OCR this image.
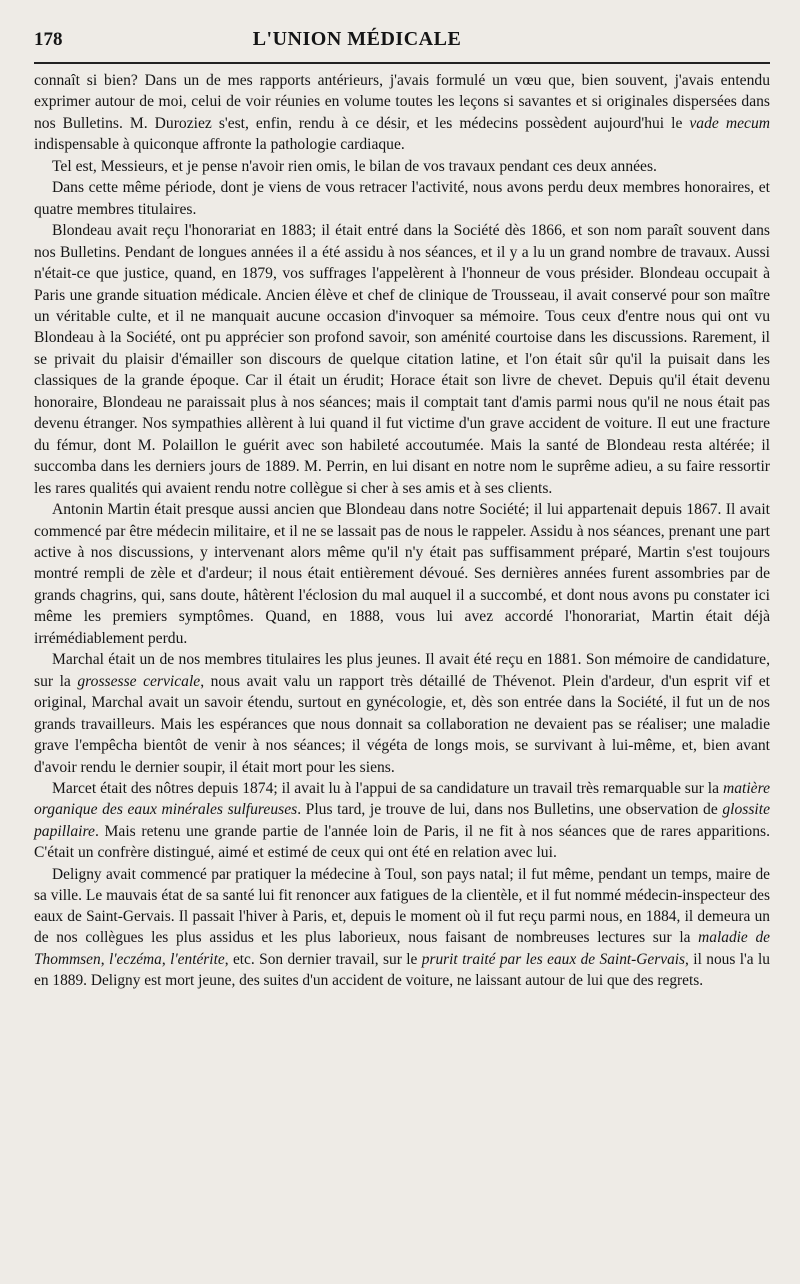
178	L'UNION MÉDICALE

connaît si bien? Dans un de mes rapports antérieurs, j'avais formulé un vœu que, bien souvent, j'avais entendu exprimer autour de moi, celui de voir réunies en volume toutes les leçons si savantes et si originales dispersées dans nos Bulletins. M. Duroziez s'est, enfin, rendu à ce désir, et les médecins possèdent aujourd'hui le vade mecum indispensable à quiconque affronte la pathologie cardiaque.

Tel est, Messieurs, et je pense n'avoir rien omis, le bilan de vos travaux pendant ces deux années.

Dans cette même période, dont je viens de vous retracer l'activité, nous avons perdu deux membres honoraires, et quatre membres titulaires.

Blondeau avait reçu l'honorariat en 1883; il était entré dans la Société dès 1866, et son nom paraît souvent dans nos Bulletins. Pendant de longues années il a été assidu à nos séances, et il y a lu un grand nombre de travaux. Aussi n'était-ce que justice, quand, en 1879, vos suffrages l'appelèrent à l'honneur de vous présider. Blondeau occupait à Paris une grande situation médicale. Ancien élève et chef de clinique de Trousseau, il avait conservé pour son maître un véritable culte, et il ne manquait aucune occasion d'invoquer sa mémoire. Tous ceux d'entre nous qui ont vu Blondeau à la Société, ont pu apprécier son profond savoir, son aménité courtoise dans les discussions. Rarement, il se privait du plaisir d'émailler son discours de quelque citation latine, et l'on était sûr qu'il la puisait dans les classiques de la grande époque. Car il était un érudit; Horace était son livre de chevet. Depuis qu'il était devenu honoraire, Blondeau ne paraissait plus à nos séances; mais il comptait tant d'amis parmi nous qu'il ne nous était pas devenu étranger. Nos sympathies allèrent à lui quand il fut victime d'un grave accident de voiture. Il eut une fracture du fémur, dont M. Polaillon le guérit avec son habileté accoutumée. Mais la santé de Blondeau resta altérée; il succomba dans les derniers jours de 1889. M. Perrin, en lui disant en notre nom le suprême adieu, a su faire ressortir les rares qualités qui avaient rendu notre collègue si cher à ses amis et à ses clients.

Antonin Martin était presque aussi ancien que Blondeau dans notre Société; il lui appartenait depuis 1867. Il avait commencé par être médecin militaire, et il ne se lassait pas de nous le rappeler. Assidu à nos séances, prenant une part active à nos discussions, y intervenant alors même qu'il n'y était pas suffisamment préparé, Martin s'est toujours montré rempli de zèle et d'ardeur; il nous était entièrement dévoué. Ses dernières années furent assombries par de grands chagrins, qui, sans doute, hâtèrent l'éclosion du mal auquel il a succombé, et dont nous avons pu constater ici même les premiers symptômes. Quand, en 1888, vous lui avez accordé l'honorariat, Martin était déjà irrémédiablement perdu.

Marchal était un de nos membres titulaires les plus jeunes. Il avait été reçu en 1881. Son mémoire de candidature, sur la grossesse cervicale, nous avait valu un rapport très détaillé de Thévenot. Plein d'ardeur, d'un esprit vif et original, Marchal avait un savoir étendu, surtout en gynécologie, et, dès son entrée dans la Société, il fut un de nos grands travailleurs. Mais les espérances que nous donnait sa collaboration ne devaient pas se réaliser; une maladie grave l'empêcha bientôt de venir à nos séances; il végéta de longs mois, se survivant à lui-même, et, bien avant d'avoir rendu le dernier soupir, il était mort pour les siens.

Marcet était des nôtres depuis 1874; il avait lu à l'appui de sa candidature un travail très remarquable sur la matière organique des eaux minérales sulfureuses. Plus tard, je trouve de lui, dans nos Bulletins, une observation de glossite papillaire. Mais retenu une grande partie de l'année loin de Paris, il ne fit à nos séances que de rares apparitions. C'était un confrère distingué, aimé et estimé de ceux qui ont été en relation avec lui.

Deligny avait commencé par pratiquer la médecine à Toul, son pays natal; il fut même, pendant un temps, maire de sa ville. Le mauvais état de sa santé lui fit renoncer aux fatigues de la clientèle, et il fut nommé médecin-inspecteur des eaux de Saint-Gervais. Il passait l'hiver à Paris, et, depuis le moment où il fut reçu parmi nous, en 1884, il demeura un de nos collègues les plus assidus et les plus laborieux, nous faisant de nombreuses lectures sur la maladie de Thommsen, l'eczéma, l'entérite, etc. Son dernier travail, sur le prurit traité par les eaux de Saint-Gervais, il nous l'a lu en 1889. Deligny est mort jeune, des suites d'un accident de voiture, ne laissant autour de lui que des regrets.
